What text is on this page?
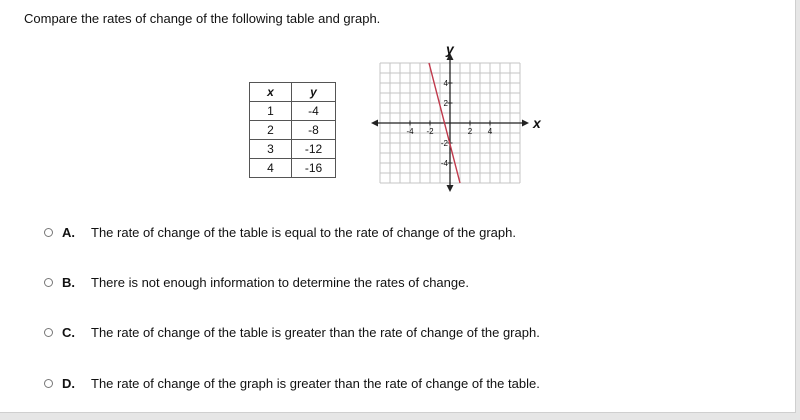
Compare the rates of change of the following table and graph.
x	y
1	-4
2	-8
3	-12
4	-16
x
y
-4 -2	2 4
4
2
-2
-4
A.	The rate of change of the table is equal to the rate of change of the graph.
B.	There is not enough information to determine the rates of change.
C.	The rate of change of the table is greater than the rate of change of the graph.
D.	The rate of change of the graph is greater than the rate of change of the table.
